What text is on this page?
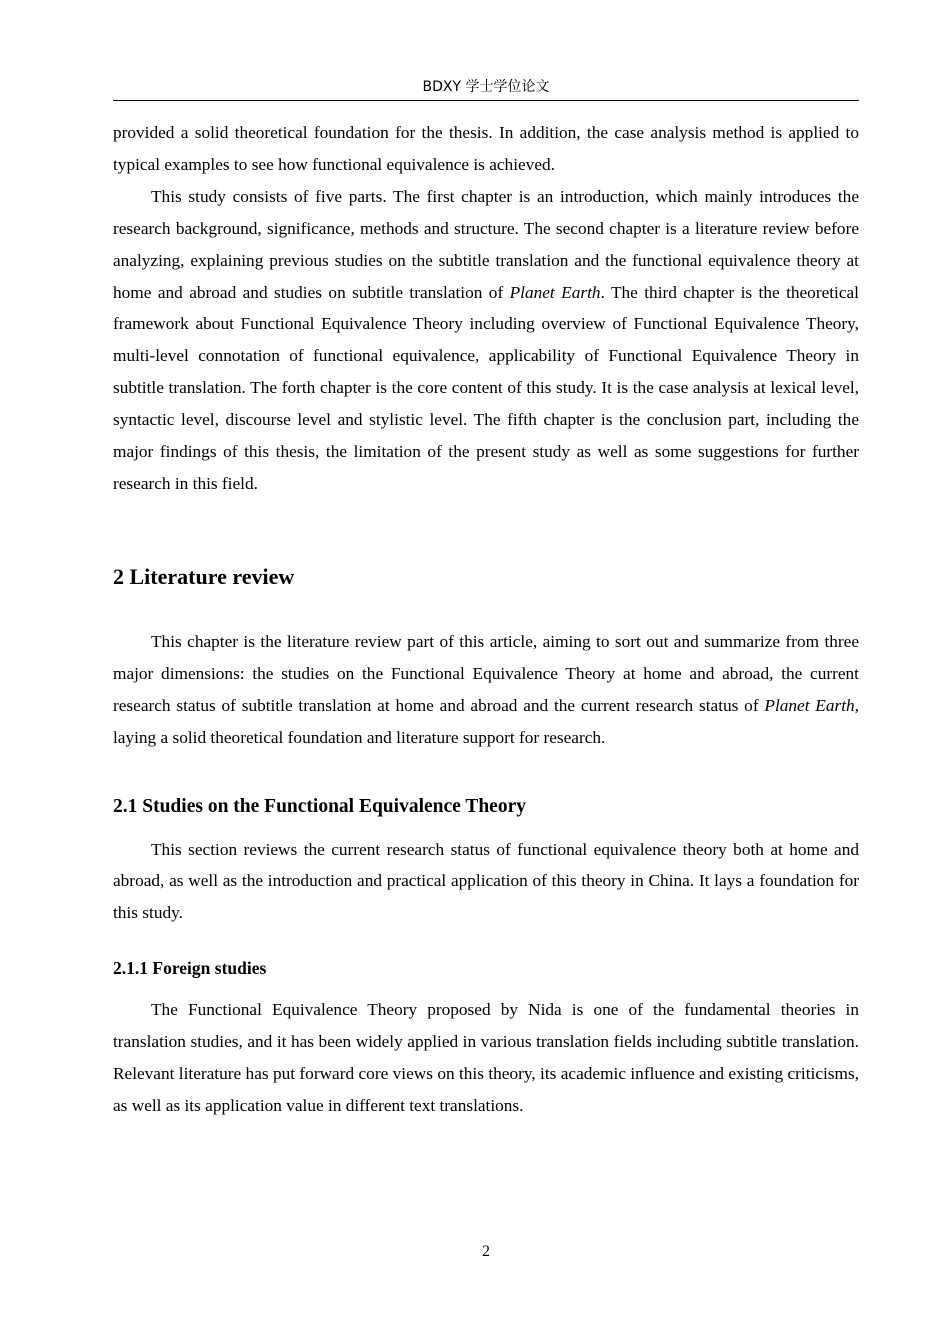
BDXY 学士学位论文

provided a solid theoretical foundation for the thesis. In addition, the case analysis method is applied to typical examples to see how functional equivalence is achieved.

This study consists of five parts. The first chapter is an introduction, which mainly introduces the research background, significance, methods and structure. The second chapter is a literature review before analyzing, explaining previous studies on the subtitle translation and the functional equivalence theory at home and abroad and studies on subtitle translation of Planet Earth. The third chapter is the theoretical framework about Functional Equivalence Theory including overview of Functional Equivalence Theory, multi-level connotation of functional equivalence, applicability of Functional Equivalence Theory in subtitle translation. The forth chapter is the core content of this study. It is the case analysis at lexical level, syntactic level, discourse level and stylistic level. The fifth chapter is the conclusion part, including the major findings of this thesis, the limitation of the present study as well as some suggestions for further research in this field.

2 Literature review

This chapter is the literature review part of this article, aiming to sort out and summarize from three major dimensions: the studies on the Functional Equivalence Theory at home and abroad, the current research status of subtitle translation at home and abroad and the current research status of Planet Earth, laying a solid theoretical foundation and literature support for research.

2.1 Studies on the Functional Equivalence Theory

This section reviews the current research status of functional equivalence theory both at home and abroad, as well as the introduction and practical application of this theory in China. It lays a foundation for this study.

2.1.1 Foreign studies

The Functional Equivalence Theory proposed by Nida is one of the fundamental theories in translation studies, and it has been widely applied in various translation fields including subtitle translation. Relevant literature has put forward core views on this theory, its academic influence and existing criticisms, as well as its application value in different text translations.

2
